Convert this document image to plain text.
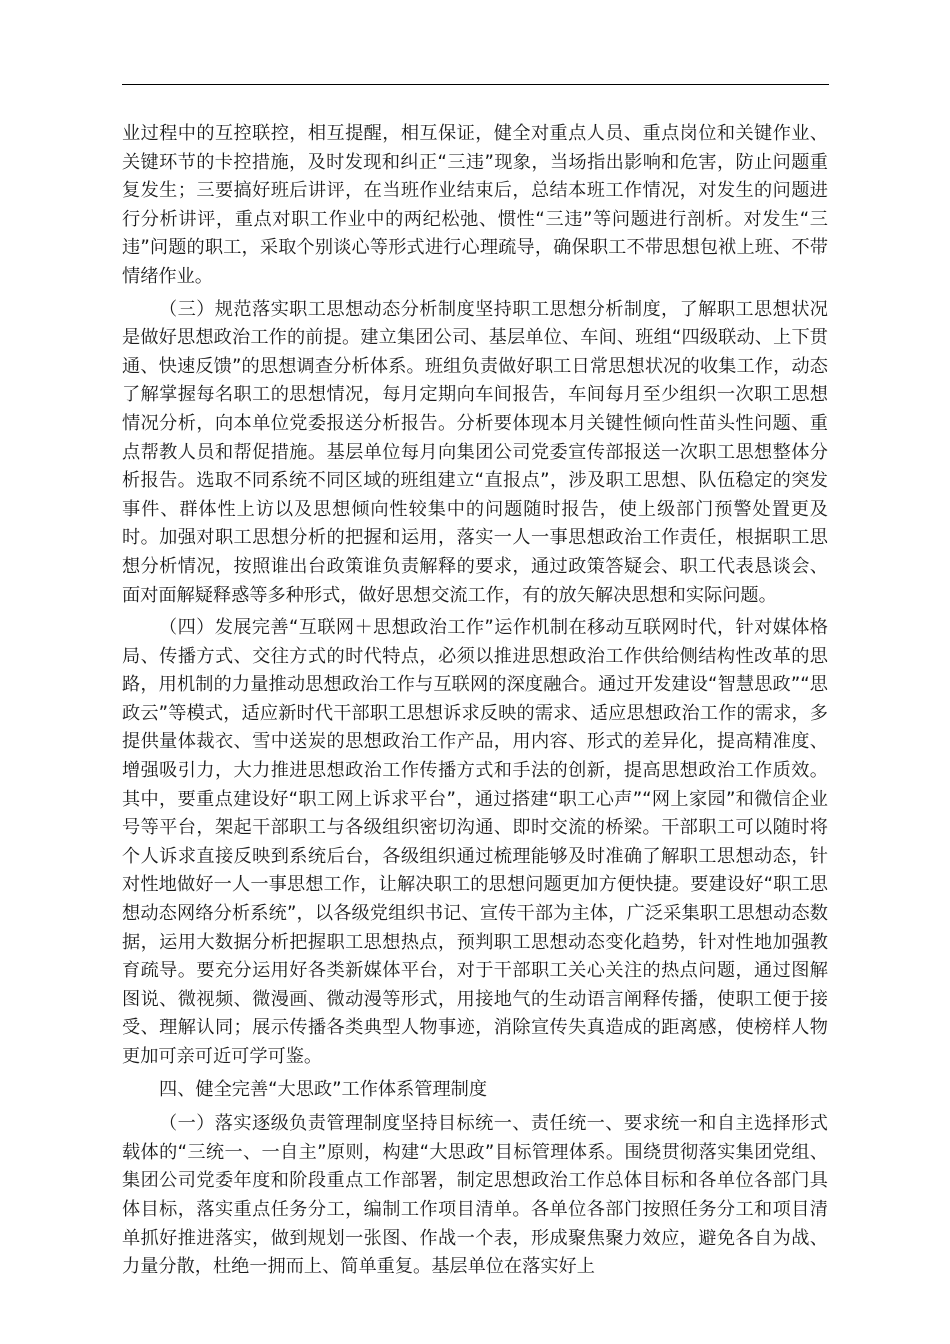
业过程中的互控联控，相互提醒，相互保证，健全对重点人员、重点岗位和关键作业、关键环节的卡控措施，及时发现和纠正“三违”现象，当场指出影响和危害，防止问题重复发生；三要搞好班后讲评，在当班作业结束后，总结本班工作情况，对发生的问题进行分析讲评，重点对职工作业中的两纪松弛、惯性“三违”等问题进行剖析。对发生“三违”问题的职工，采取个别谈心等形式进行心理疏导，确保职工不带思想包袱上班、不带情绪作业。

（三）规范落实职工思想动态分析制度坚持职工思想分析制度，了解职工思想状况是做好思想政治工作的前提。建立集团公司、基层单位、车间、班组“四级联动、上下贯通、快速反馈”的思想调查分析体系。班组负责做好职工日常思想状况的收集工作，动态了解掌握每名职工的思想情况，每月定期向车间报告，车间每月至少组织一次职工思想情况分析，向本单位党委报送分析报告。分析要体现本月关键性倾向性苗头性问题、重点帮教人员和帮促措施。基层单位每月向集团公司党委宣传部报送一次职工思想整体分析报告。选取不同系统不同区域的班组建立“直报点”，涉及职工思想、队伍稳定的突发事件、群体性上访以及思想倾向性较集中的问题随时报告，使上级部门预警处置更及时。加强对职工思想分析的把握和运用，落实一人一事思想政治工作责任，根据职工思想分析情况，按照谁出台政策谁负责解释的要求，通过政策答疑会、职工代表恳谈会、面对面解疑释惑等多种形式，做好思想交流工作，有的放矢解决思想和实际问题。

（四）发展完善“互联网＋思想政治工作”运作机制在移动互联网时代，针对媒体格局、传播方式、交往方式的时代特点，必须以推进思想政治工作供给侧结构性改革的思路，用机制的力量推动思想政治工作与互联网的深度融合。通过开发建设“智慧思政”“思政云”等模式，适应新时代干部职工思想诉求反映的需求、适应思想政治工作的需求，多提供量体裁衣、雪中送炭的思想政治工作产品，用内容、形式的差异化，提高精准度、增强吸引力，大力推进思想政治工作传播方式和手法的创新，提高思想政治工作质效。其中，要重点建设好“职工网上诉求平台”，通过搭建“职工心声”“网上家园”和微信企业号等平台，架起干部职工与各级组织密切沟通、即时交流的桥梁。干部职工可以随时将个人诉求直接反映到系统后台，各级组织通过梳理能够及时准确了解职工思想动态，针对性地做好一人一事思想工作，让解决职工的思想问题更加方便快捷。要建设好“职工思想动态网络分析系统”，以各级党组织书记、宣传干部为主体，广泛采集职工思想动态数据，运用大数据分析把握职工思想热点，预判职工思想动态变化趋势，针对性地加强教育疏导。要充分运用好各类新媒体平台，对于干部职工关心关注的热点问题，通过图解图说、微视频、微漫画、微动漫等形式，用接地气的生动语言阐释传播，使职工便于接受、理解认同；展示传播各类典型人物事迹，消除宣传失真造成的距离感，使榜样人物更加可亲可近可学可鉴。

四、健全完善“大思政”工作体系管理制度

（一）落实逐级负责管理制度坚持目标统一、责任统一、要求统一和自主选择形式载体的“三统一、一自主”原则，构建“大思政”目标管理体系。围绕贯彻落实集团党组、集团公司党委年度和阶段重点工作部署，制定思想政治工作总体目标和各单位各部门具体目标，落实重点任务分工，编制工作项目清单。各单位各部门按照任务分工和项目清单抓好推进落实，做到规划一张图、作战一个表，形成聚焦聚力效应，避免各自为战、力量分散，杜绝一拥而上、简单重复。基层单位在落实好上
